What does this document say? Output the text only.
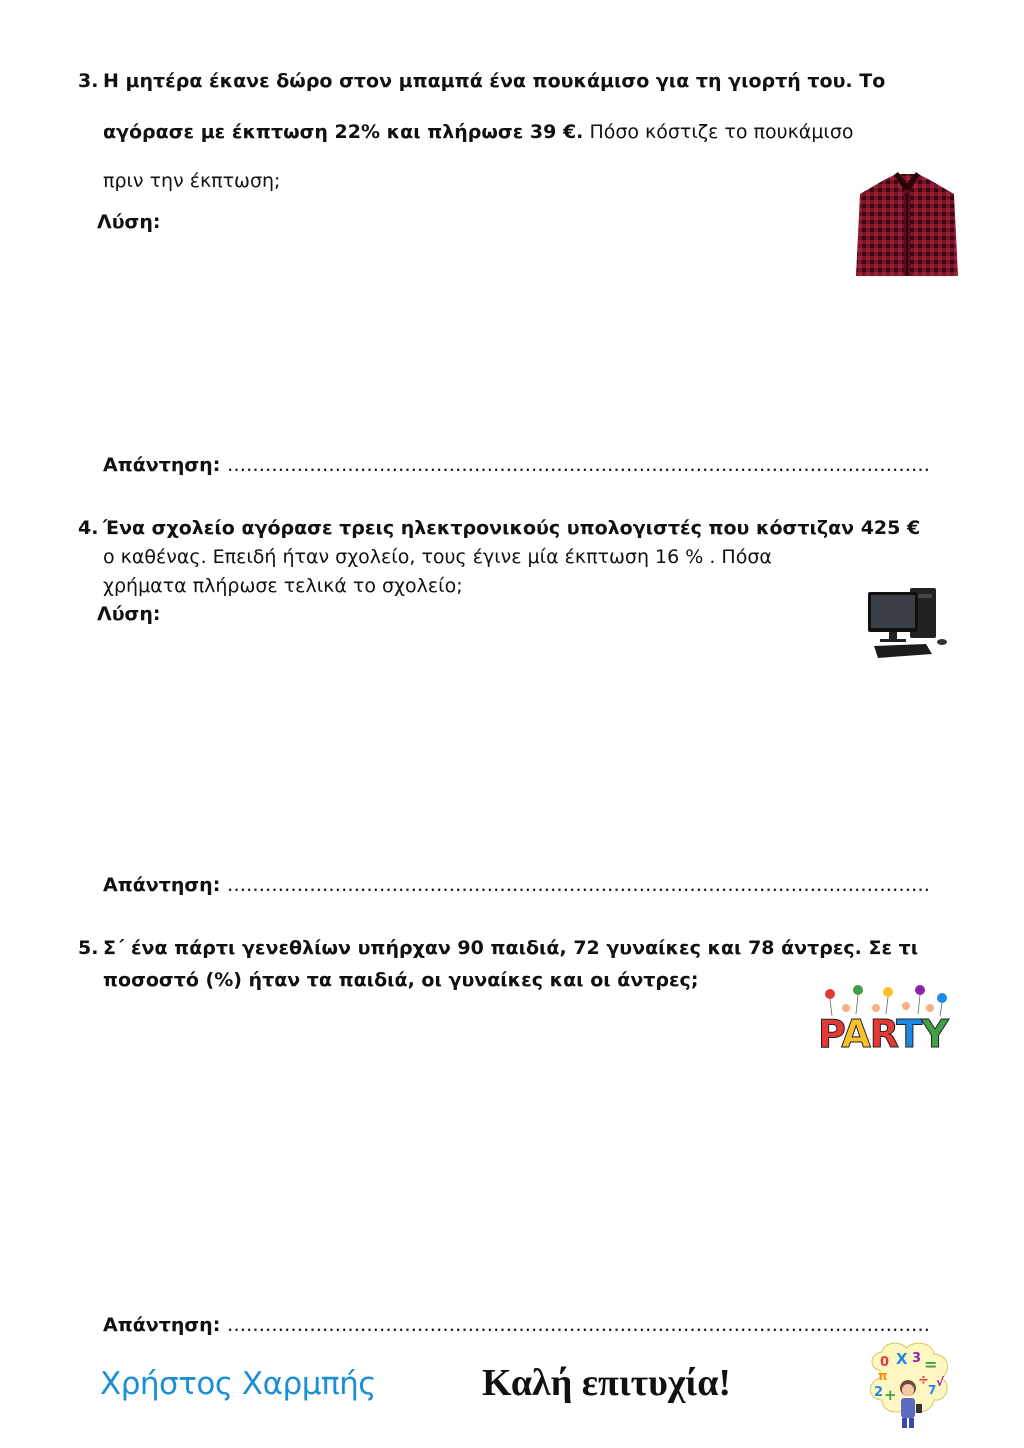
3. Η μητέρα έκανε δώρο στον μπαμπά ένα πουκάμισο για τη γιορτή του. Το
αγόρασε με έκπτωση 22% και πλήρωσε 39 €. Πόσο κόστιζε το πουκάμισο
πριν την έκπτωση;
Λύση:
Απάντηση: …………………………………………………………………………………………………
4. Ένα σχολείο αγόρασε τρεις ηλεκτρονικούς υπολογιστές που κόστιζαν 425 €
ο καθένας. Επειδή ήταν σχολείο, τους έγινε μία έκπτωση 16 % . Πόσα
χρήματα πλήρωσε τελικά το σχολείο;
Λύση:
Απάντηση: …………………………………………………………………………………………………
5. Σ΄ ένα πάρτι γενεθλίων υπήρχαν 90 παιδιά, 72 γυναίκες και 78 άντρες. Σε τι
ποσοστό (%) ήταν τα παιδιά, οι γυναίκες και οι άντρες;
PARTY
Απάντηση: …………………………………………………………………………………………………
Χρήστος Χαρμπής	Καλή επιτυχία!	0 X 3 =
π ÷
7
√
2 +
